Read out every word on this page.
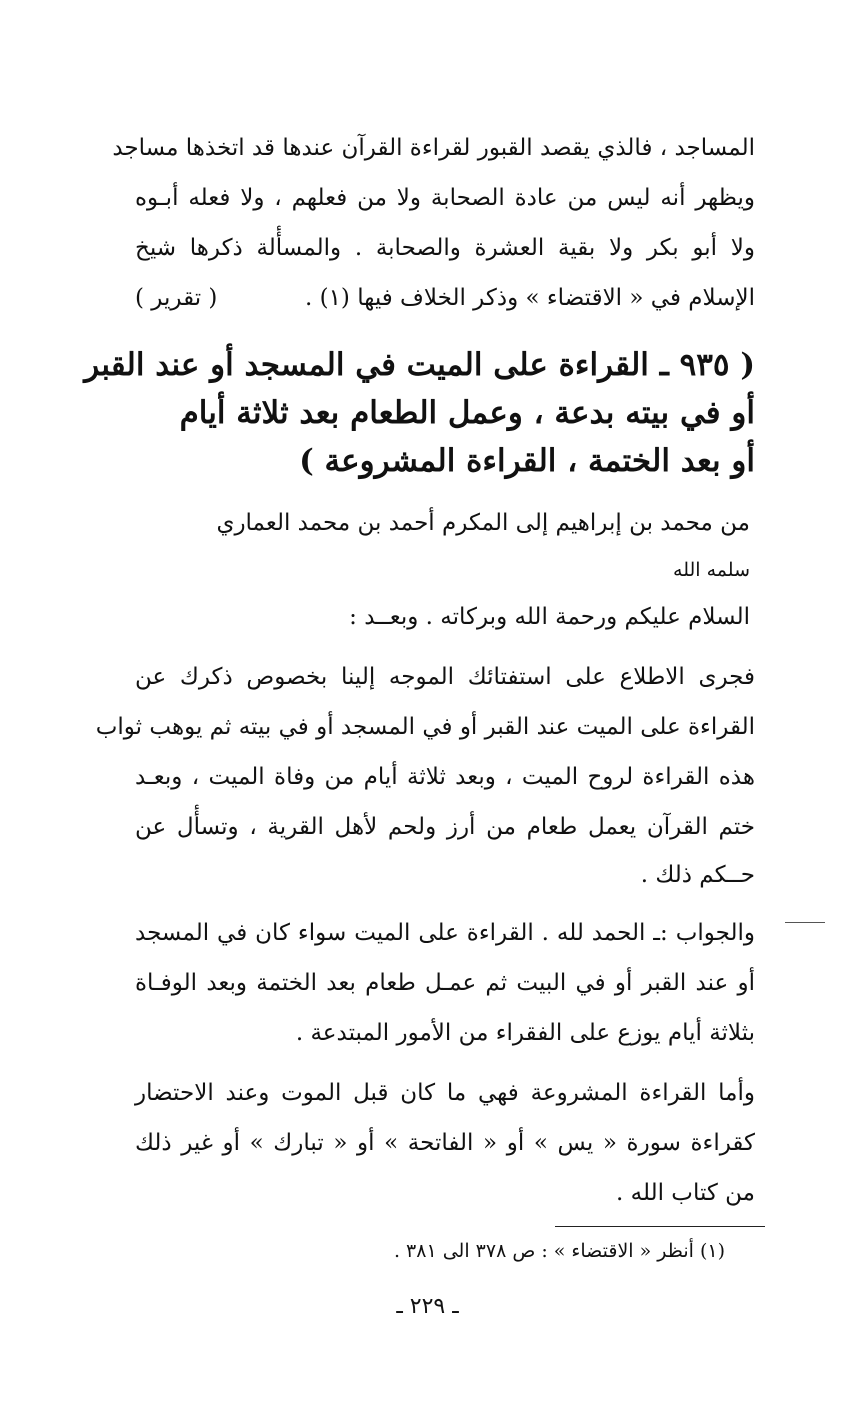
المساجد ، فالذي يقصد القبور لقراءة القرآن عندها قد اتخذها مساجد
ويظهر أنه ليس من عادة الصحابة ولا من فعلهم ، ولا فعله أبـوه
ولا أبو بكر ولا بقية العشرة والصحابة . والمسأٔلة ذكرها شيخ
الإسلام في « الاقتضاء » وذكر الخلاف فيها (١) .
( تقرير )
( ٩٣٥ ـ القراءة على الميت في المسجد أو عند القبر
أو في بيته بدعة ، وعمل الطعام بعد ثلاثة أيام
أو بعد الختمة ، القراءة المشروعة )
من محمد بن إبراهيم إلى المكرم أحمد بن محمد العماري
سلمه الله
السلام عليكم ورحمة الله وبركاته . وبعــد :
فجرى الاطلاع على استفتائك الموجه إلينا بخصوص ذكرك عن
القراءة على الميت عند القبر أو في المسجد أو في بيته ثم يوهب ثواب
هذه القراءة لروح الميت ، وبعد ثلاثة أيام من وفاة الميت ، وبعـد
ختم القرآن يعمل طعام من أرز ولحم لأهل القرية ، وتسأٔل عن
حــكم ذلك .
والجواب :ـ الحمد لله . القراءة على الميت سواء كان في المسجد
أو عند القبر أو في البيت ثم عمـل طعام بعد الختمة وبعد الوفـاة
بثلاثة أيام يوزع على الفقراء من الأمور المبتدعة .
وأما القراءة المشروعة فهي ما كان قبل الموت وعند الاحتضار
كقراءة سورة « يس » أو « الفاتحة » أو « تبارك » أو غير ذلك
من كتاب الله .
(١) أنظر « الاقتضاء » : ص ٣٧٨ الى ٣٨١ .
ـ ٢٢٩ ـ
